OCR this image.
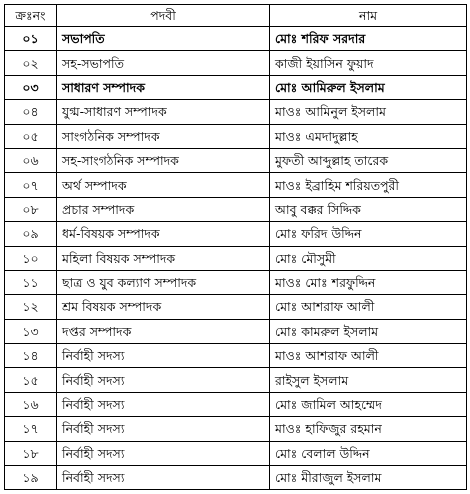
ক্রঃনং	পদবী	নাম
০১	সভাপতি	মোঃ শরিফ সরদার
০২	সহ-সভাপতি	কাজী ইয়াসিন ফুয়াদ
০৩	সাধারণ সম্পাদক	মোঃ আমিরুল ইসলাম
০৪	যুগ্ম-সাধারণ সম্পাদক	মাওঃ আমিনুল ইসলাম
০৫	সাংগঠনিক সম্পাদক	মাওঃ এমদাদুল্লাহ
০৬	সহ-সাংগঠনিক সম্পাদক	মুফতী আব্দুল্লাহ তারেক
০৭	অর্থ সম্পাদক	মাওঃ ইব্রাহিম শরিয়তপুরী
০৮	প্রচার সম্পাদক	আবু বক্কর সিদ্দিক
০৯	ধর্ম-বিষয়ক সম্পাদক	মোঃ ফরিদ উদ্দিন
১০	মহিলা বিষয়ক সম্পাদক	মোঃ মৌসুমী
১১	ছাত্র ও যুব কল্যাণ সম্পাদক	মাওঃ মোঃ শরফুদ্দিন
১২	শ্রম বিষয়ক সম্পাদক	মোঃ আশরাফ আলী
১৩	দপ্তর সম্পাদক	মোঃ কামরুল ইসলাম
১৪	নির্বাহী সদস্য	মাওঃ আশরাফ আলী
১৫	নির্বাহী সদস্য	রাইসুল ইসলাম
১৬	নির্বাহী সদস্য	মোঃ জামিল আহম্মেদ
১৭	নির্বাহী সদস্য	মাওঃ হাফিজুর রহমান
১৮	নির্বাহী সদস্য	মোঃ বেলাল উদ্দিন
১৯	নির্বাহী সদস্য	মোঃ মীরাজুল ইসলাম
